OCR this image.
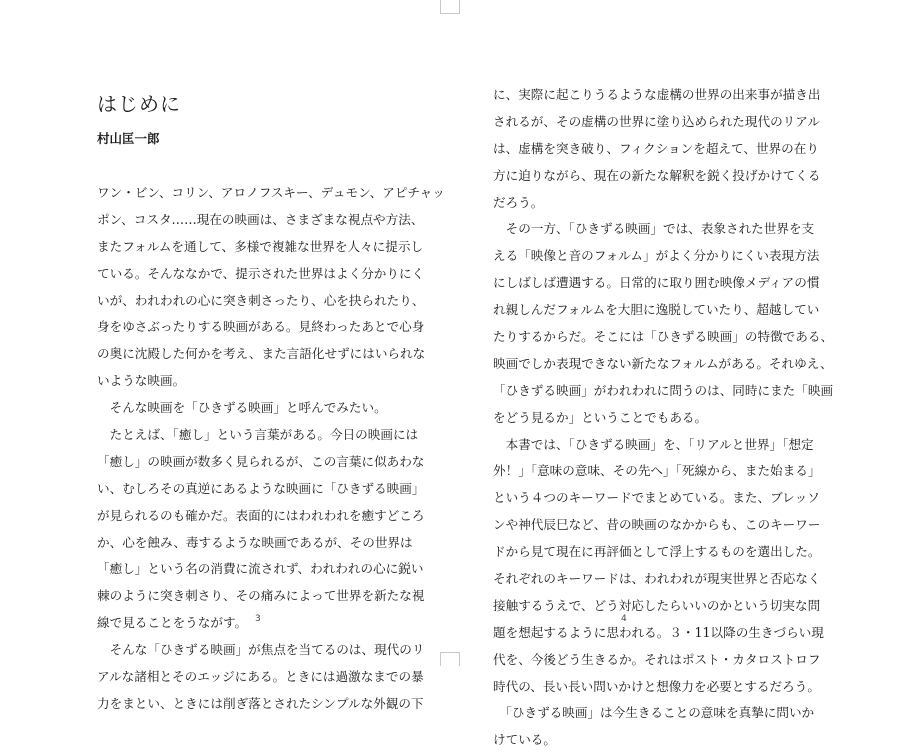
はじめに
村山匡一郎
ワン・ビン、コリン、アロノフスキー、デュモン、アピチャッ
ポン、コスタ……現在の映画は、さまざまな視点や方法、
またフォルムを通して、多様で複雑な世界を人々に提示し
ている。そんななかで、提示された世界はよく分かりにく
いが、われわれの心に突き刺さったり、心を抉られたり、
身をゆさぶったりする映画がある。見終わったあとで心身
の奥に沈殿した何かを考え、また言語化せずにはいられな
いような映画。
　そんな映画を「ひきずる映画」と呼んでみたい。
　たとえば、「癒し」という言葉がある。今日の映画には
「癒し」の映画が数多く見られるが、この言葉に似あわな
い、むしろその真逆にあるような映画に「ひきずる映画」
が見られるのも確かだ。表面的にはわれわれを癒すどころ
か、心を蝕み、毒するような映画であるが、その世界は
「癒し」という名の消費に流されず、われわれの心に鋭い
棘のように突き刺さり、その痛みによって世界を新たな視
線で見ることをうながす。
　そんな「ひきずる映画」が焦点を当てるのは、現代のリ
アルな諸相とそのエッジにある。ときには過激なまでの暴
力をまとい、ときには削ぎ落とされたシンプルな外観の下
3
に、実際に起こりうるような虚構の世界の出来事が描き出
されるが、その虚構の世界に塗り込められた現代のリアル
は、虚構を突き破り、フィクションを超えて、世界の在り
方に迫りながら、現在の新たな解釈を鋭く投げかけてくる
だろう。
　その一方、「ひきずる映画」では、表象された世界を支
える「映像と音のフォルム」がよく分かりにくい表現方法
にしばしば遭遇する。日常的に取り囲む映像メディアの慣
れ親しんだフォルムを大胆に逸脱していたり、超越してい
たりするからだ。そこには「ひきずる映画」の特徴である、
映画でしか表現できない新たなフォルムがある。それゆえ、
「ひきずる映画」がわれわれに問うのは、同時にまた「映画
をどう見るか」ということでもある。
　本書では、「ひきずる映画」を、「リアルと世界」「想定
外！」「意味の意味、その先へ」「死線から、また始まる」
という４つのキーワードでまとめている。また、ブレッソ
ンや神代辰巳など、昔の映画のなかからも、このキーワー
ドから見て現在に再評価として浮上するものを選出した。
それぞれのキーワードは、われわれが現実世界と否応なく
接触するうえで、どう対応したらいいのかという切実な問
題を想起するように思われる。３・11以降の生きづらい現
代を、今後どう生きるか。それはポスト・カタロストロフ
時代の、長い長い問いかけと想像力を必要とするだろう。
　「ひきずる映画」は今生きることの意味を真摯に問いか
けている。
4
